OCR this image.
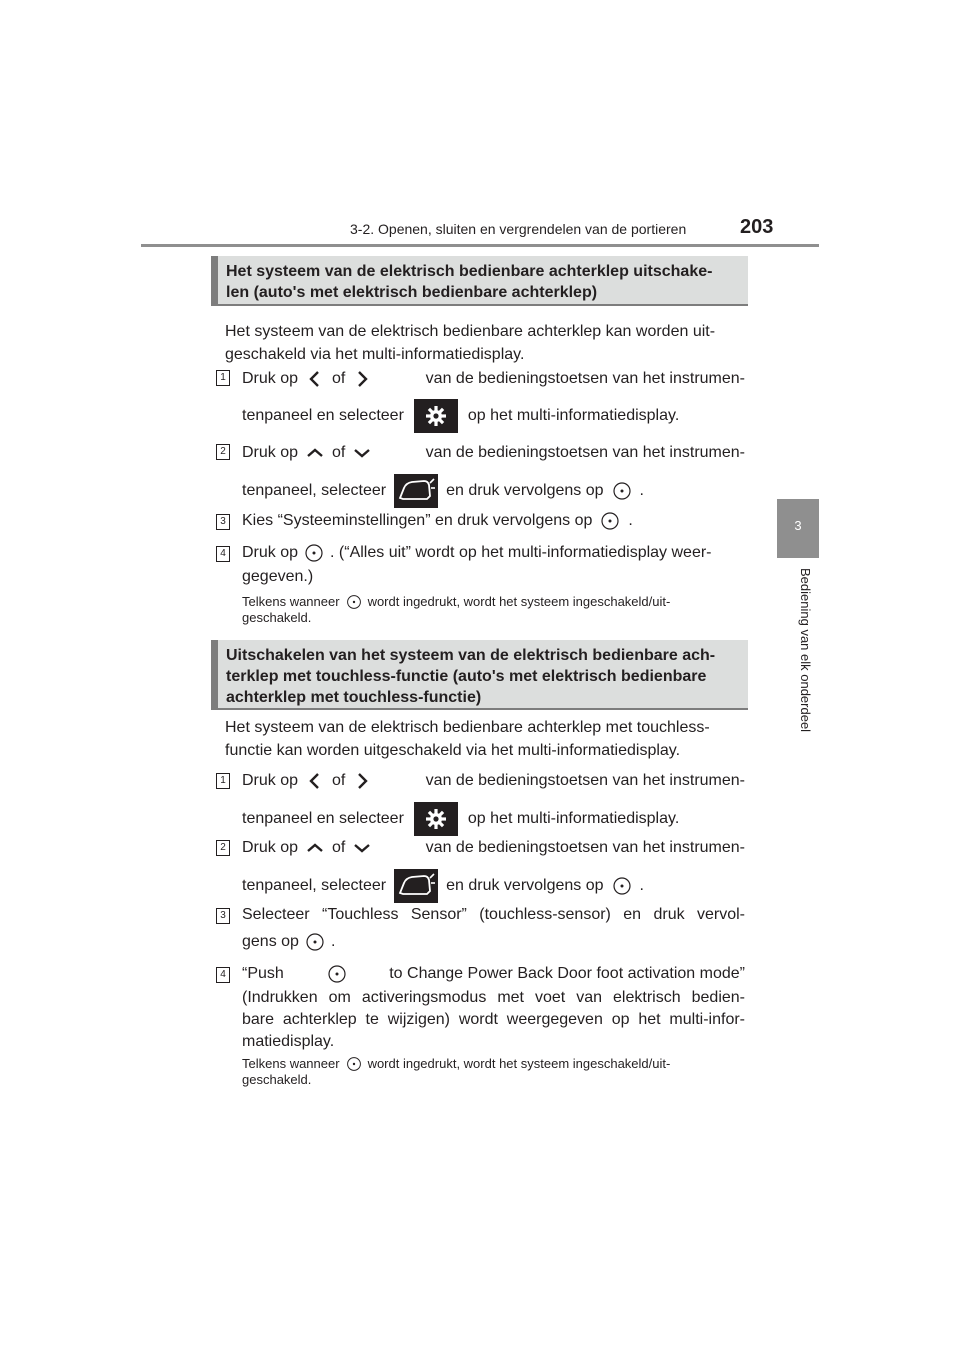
3-2. Openen, sluiten en vergrendelen van de portieren	203
3
Bediening van elk onderdeel
Het systeem van de elektrisch bedienbare achterklep uitschake-
len (auto's met elektrisch bedienbare achterklep)
Het systeem van de elektrisch bedienbare achterklep kan worden uit-
geschakeld via het multi-informatiedisplay.
1 Druk op of	van de bedieningstoetsen van het instrumen-
tenpaneel en selecteer	op het multi-informatiedisplay.
2 Druk op of	van de bedieningstoetsen van het instrumen-
tenpaneel, selecteer	en druk vervolgens op .
3 Kies “Systeeminstellingen” en druk vervolgens op .
4 Druk op . (“Alles uit” wordt op het multi-informatiedisplay weer-
gegeven.)
Telkens wanneer wordt ingedrukt, wordt het systeem ingeschakeld/uit-
geschakeld.
Uitschakelen van het systeem van de elektrisch bedienbare ach-
terklep met touchless-functie (auto's met elektrisch bedienbare
achterklep met touchless-functie)
Het systeem van de elektrisch bedienbare achterklep met touchless-
functie kan worden uitgeschakeld via het multi-informatiedisplay.
1 Druk op of	van de bedieningstoetsen van het instrumen-
tenpaneel en selecteer	op het multi-informatiedisplay.
2 Druk op of	van de bedieningstoetsen van het instrumen-
tenpaneel, selecteer	en druk vervolgens op .
3 Selecteer “Touchless Sensor” (touchless-sensor) en druk vervol-
gens op .
4 “Push	to Change Power Back Door foot activation mode”
(Indrukken om activeringsmodus met voet van elektrisch bedien-
bare achterklep te wijzigen) wordt weergegeven op het multi-infor-
matiedisplay.
Telkens wanneer wordt ingedrukt, wordt het systeem ingeschakeld/uit-
geschakeld.
